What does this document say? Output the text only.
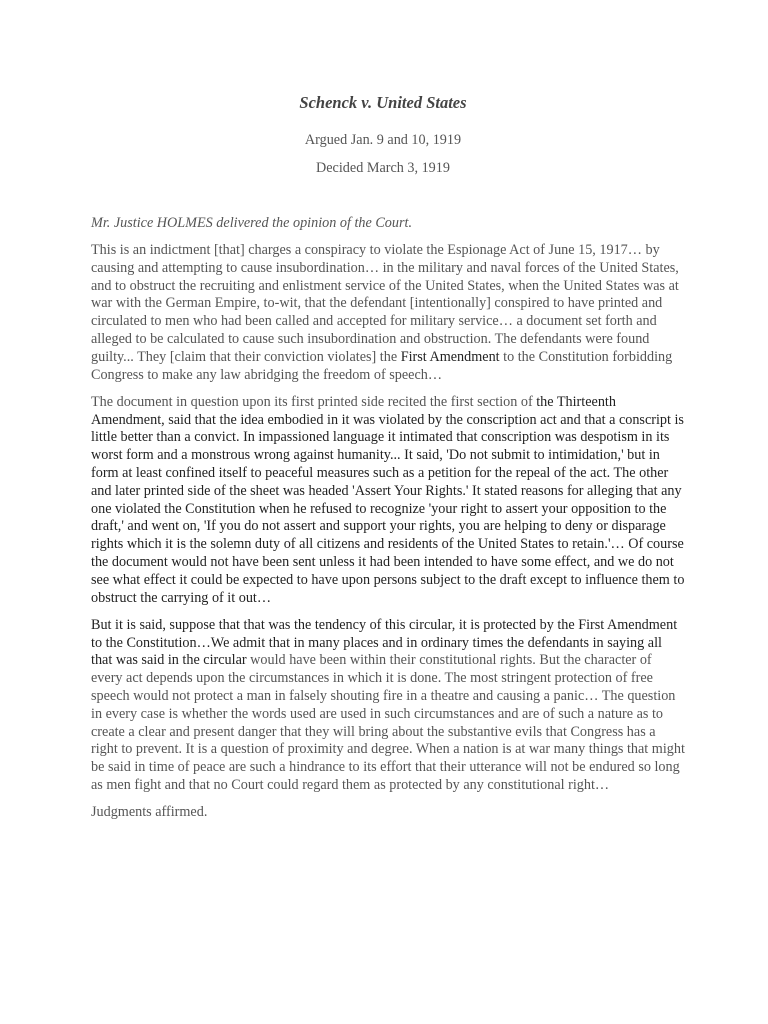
Schenck v. United States

Argued Jan. 9 and 10, 1919

Decided March 3, 1919

Mr. Justice HOLMES delivered the opinion of the Court.

This is an indictment [that] charges a conspiracy to violate the Espionage Act of June 15, 1917… by causing and attempting to cause insubordination… in the military and naval forces of the United States, and to obstruct the recruiting and enlistment service of the United States, when the United States was at war with the German Empire, to-wit, that the defendant [intentionally] conspired to have printed and circulated to men who had been called and accepted for military service… a document set forth and alleged to be calculated to cause such insubordination and obstruction. The defendants were found guilty... They [claim that their conviction violates] the First Amendment to the Constitution forbidding Congress to make any law abridging the freedom of speech…

The document in question upon its first printed side recited the first section of the Thirteenth Amendment, said that the idea embodied in it was violated by the conscription act and that a conscript is little better than a convict. In impassioned language it intimated that conscription was despotism in its worst form and a monstrous wrong against humanity... It said, 'Do not submit to intimidation,' but in form at least confined itself to peaceful measures such as a petition for the repeal of the act. The other and later printed side of the sheet was headed 'Assert Your Rights.' It stated reasons for alleging that any one violated the Constitution when he refused to recognize 'your right to assert your opposition to the draft,' and went on, 'If you do not assert and support your rights, you are helping to deny or disparage rights which it is the solemn duty of all citizens and residents of the United States to retain.'… Of course the document would not have been sent unless it had been intended to have some effect, and we do not see what effect it could be expected to have upon persons subject to the draft except to influence them to obstruct the carrying of it out…

But it is said, suppose that that was the tendency of this circular, it is protected by the First Amendment to the Constitution…We admit that in many places and in ordinary times the defendants in saying all that was said in the circular would have been within their constitutional rights. But the character of every act depends upon the circumstances in which it is done. The most stringent protection of free speech would not protect a man in falsely shouting fire in a theatre and causing a panic… The question in every case is whether the words used are used in such circumstances and are of such a nature as to create a clear and present danger that they will bring about the substantive evils that Congress has a right to prevent. It is a question of proximity and degree. When a nation is at war many things that might be said in time of peace are such a hindrance to its effort that their utterance will not be endured so long as men fight and that no Court could regard them as protected by any constitutional right…

Judgments affirmed.
